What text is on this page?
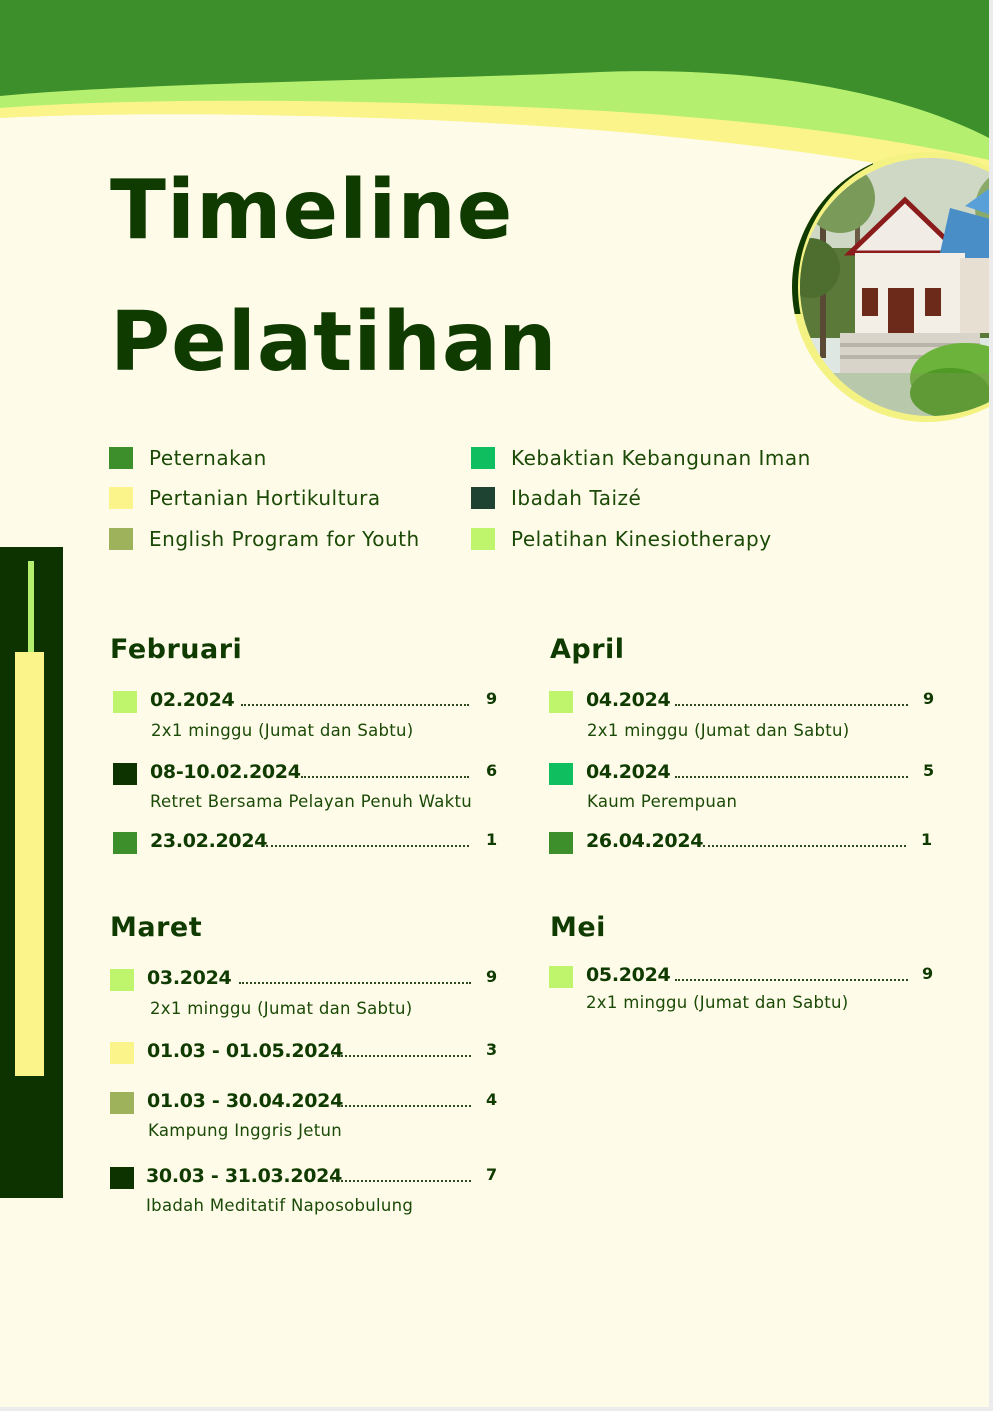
Timeline
Pelatihan
Peternakan
Pertanian Hortikultura
English Program for Youth
Kebaktian Kebangunan Iman
Ibadah Taizé
Pelatihan Kinesiotherapy
Februari
02.2024	9
2x1 minggu (Jumat dan Sabtu)
08-10.02.2024	6
Retret Bersama Pelayan Penuh Waktu
23.02.2024	1
Maret
03.2024	9
2x1 minggu (Jumat dan Sabtu)
01.03 - 01.05.2024	3
01.03 - 30.04.2024	4
Kampung Inggris Jetun
30.03 - 31.03.2024	7
Ibadah Meditatif Naposobulung
April
04.2024	9
2x1 minggu (Jumat dan Sabtu)
04.2024	5
Kaum Perempuan
26.04.2024	1
Mei
05.2024	9
2x1 minggu (Jumat dan Sabtu)
